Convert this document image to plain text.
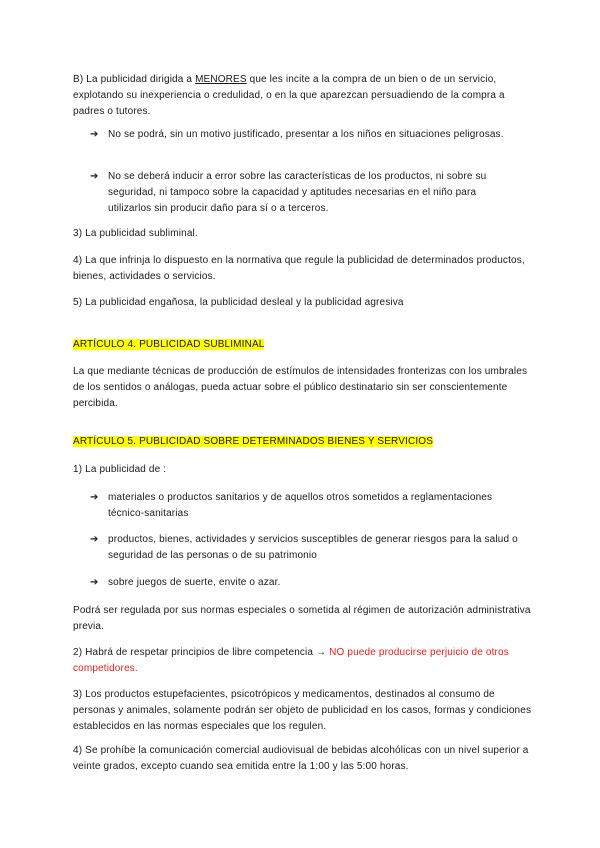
B) La publicidad dirigida a MENORES que les incite a la compra de un bien o de un servicio, explotando su inexperiencia o credulidad, o en la que aparezcan persuadiendo de la compra a padres o tutores.

➔ No se podrá, sin un motivo justificado, presentar a los niños en situaciones peligrosas.
➔ No se deberá inducir a error sobre las características de los productos, ni sobre su seguridad, ni tampoco sobre la capacidad y aptitudes necesarias en el niño para utilizarlos sin producir daño para sí o a terceros.

3) La publicidad subliminal.

4) La que infrinja lo dispuesto en la normativa que regule la publicidad de determinados productos, bienes, actividades o servicios.

5) La publicidad engañosa, la publicidad desleal y la publicidad agresiva

ARTÍCULO 4. PUBLICIDAD SUBLIMINAL

La que mediante técnicas de producción de estímulos de intensidades fronterizas con los umbrales de los sentidos o análogas, pueda actuar sobre el público destinatario sin ser conscientemente percibida.

ARTÍCULO 5. PUBLICIDAD SOBRE DETERMINADOS BIENES Y SERVICIOS

1) La publicidad de :

➔ materiales o productos sanitarios y de aquellos otros sometidos a reglamentaciones técnico-sanitarias
➔ productos, bienes, actividades y servicios susceptibles de generar riesgos para la salud o seguridad de las personas o de su patrimonio
➔ sobre juegos de suerte, envite o azar.

Podrá ser regulada por sus normas especiales o sometida al régimen de autorización administrativa previa.

2) Habrá de respetar principios de libre competencia → NO puede producirse perjuicio de otros competidores.

3) Los productos estupefacientes, psicotrópicos y medicamentos, destinados al consumo de personas y animales, solamente podrán ser objeto de publicidad en los casos, formas y condiciones establecidos en las normas especiales que los regulen.

4) Se prohíbe la comunicación comercial audiovisual de bebidas alcohólicas con un nivel superior a veinte grados, excepto cuando sea emitida entre la 1:00 y las 5:00 horas.
